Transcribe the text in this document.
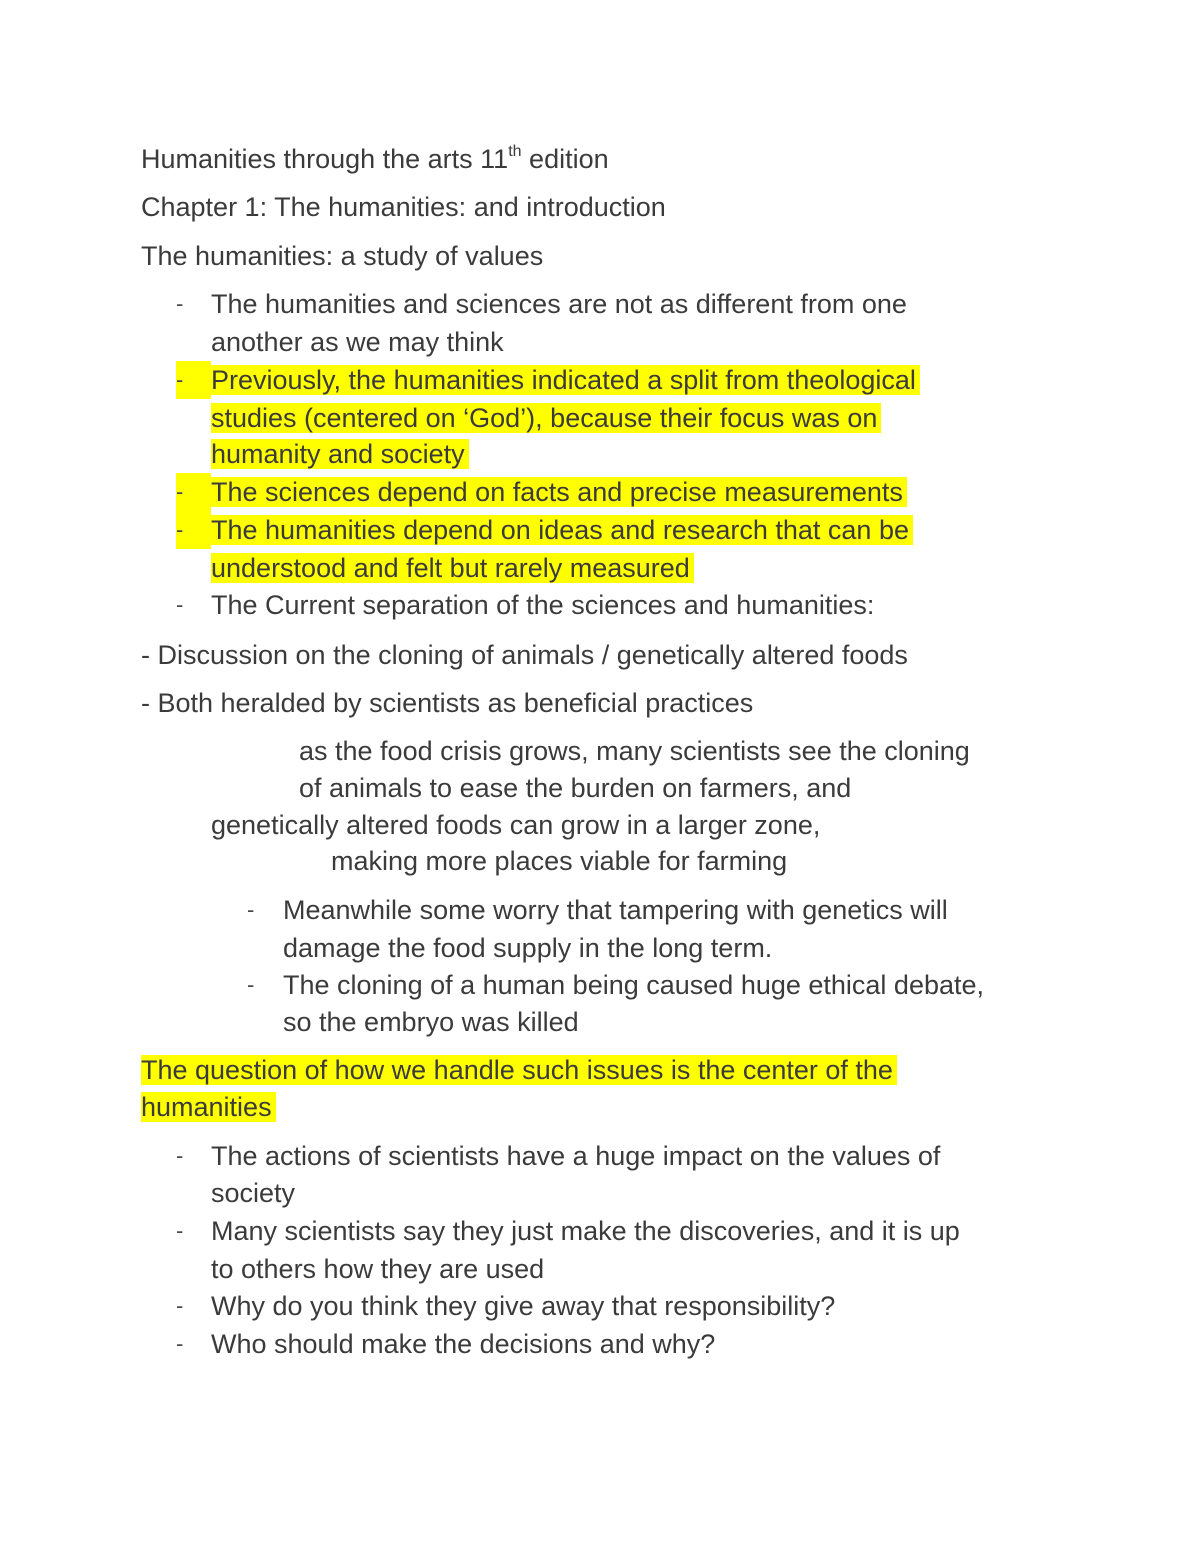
Humanities through the arts 11th edition
Chapter 1: The humanities: and introduction
The humanities: a study of values
- The humanities and sciences are not as different from one
another as we may think
-	Previously, the humanities indicated a split from theological
studies (centered on ‘God’), because their focus was on
humanity and society
-	The sciences depend on facts and precise measurements
-	The humanities depend on ideas and research that can be
understood and felt but rarely measured
- The Current separation of the sciences and humanities:
- Discussion on the cloning of animals / genetically altered foods
- Both heralded by scientists as beneficial practices
as the food crisis grows, many scientists see the cloning
of animals to ease the burden on farmers, and
genetically altered foods can grow in a larger zone,
making more places viable for farming
- Meanwhile some worry that tampering with genetics will
damage the food supply in the long term.
- The cloning of a human being caused huge ethical debate,
so the embryo was killed
The question of how we handle such issues is the center of the
humanities
- The actions of scientists have a huge impact on the values of
society
- Many scientists say they just make the discoveries, and it is up
to others how they are used
- Why do you think they give away that responsibility?
- Who should make the decisions and why?
